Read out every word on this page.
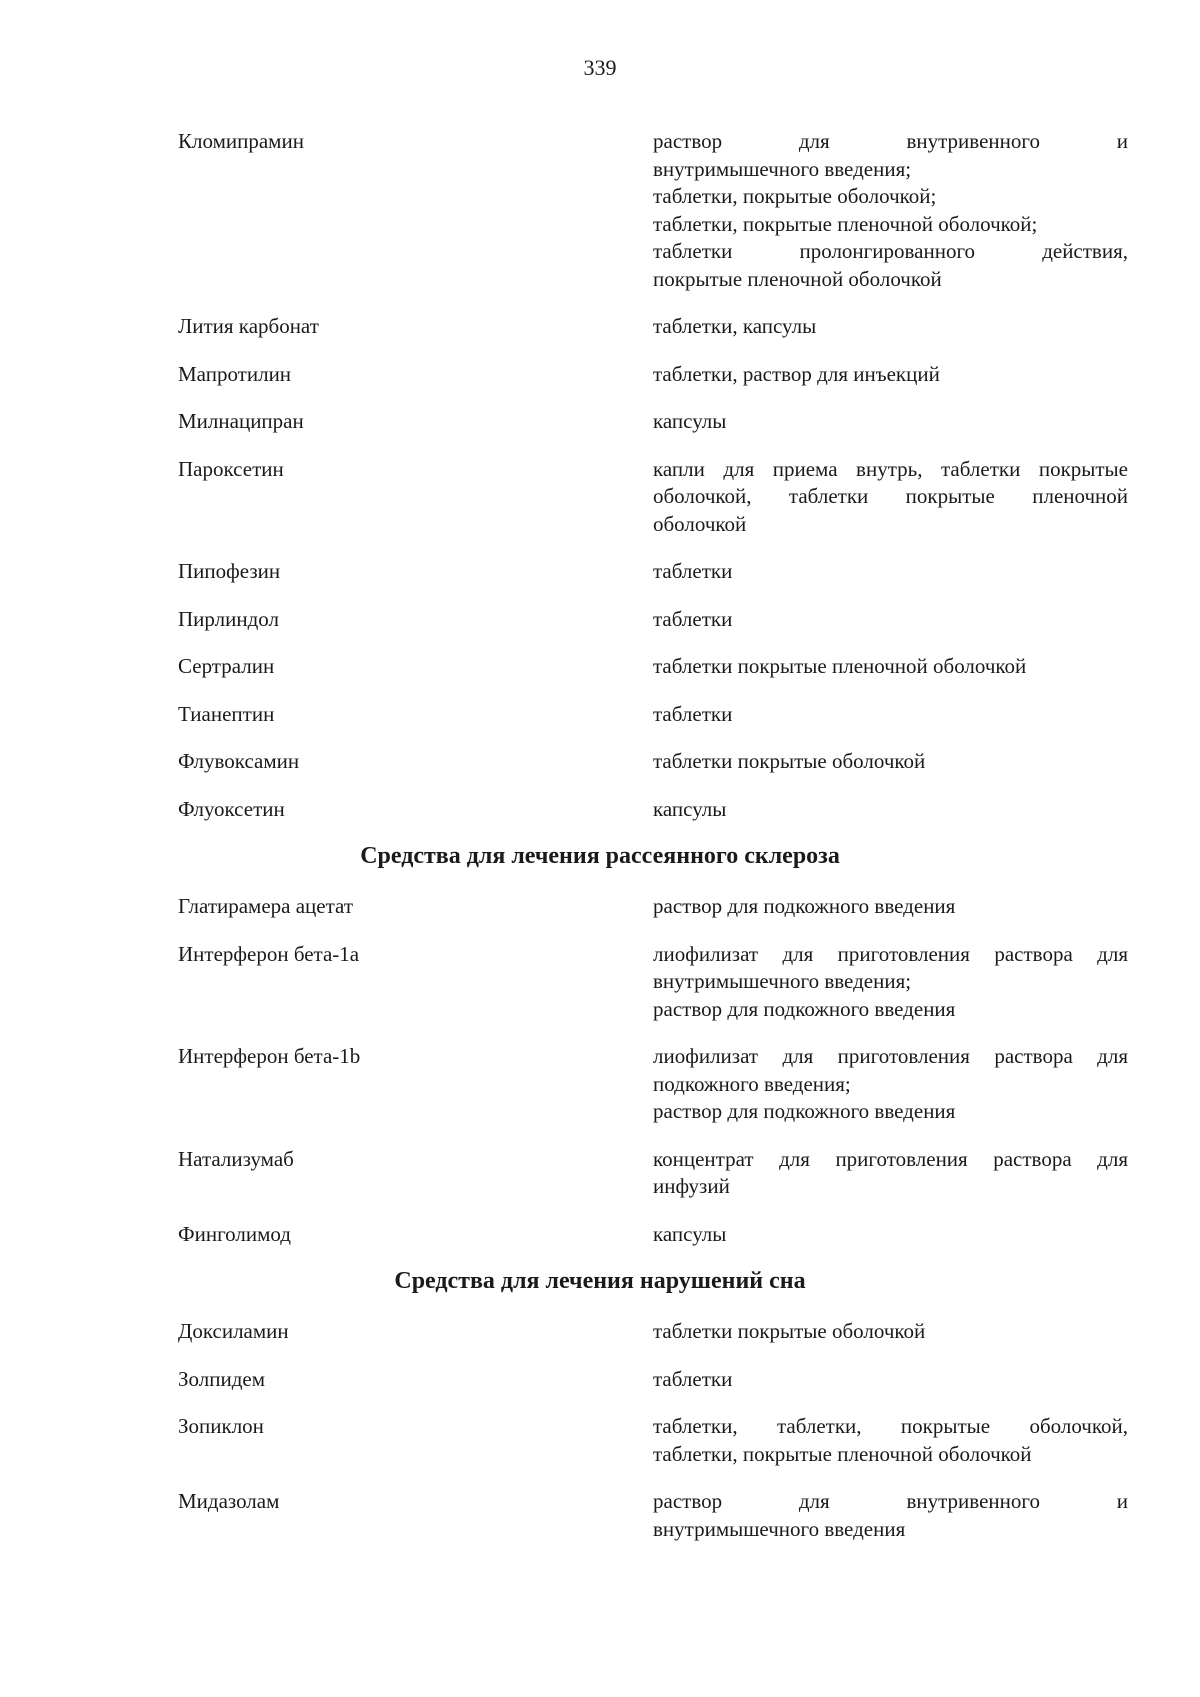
339
Кломипрамин	раствор для внутривенного и
внутримышечного введения;
таблетки, покрытые оболочкой;
таблетки, покрытые пленочной оболочкой;
таблетки пролонгированного действия,
покрытые пленочной оболочкой
Лития карбонат	таблетки, капсулы
Мапротилин	таблетки, раствор для инъекций
Милнаципран	капсулы
Пароксетин	капли для приема внутрь, таблетки покрытые
оболочкой, таблетки покрытые пленочной
оболочкой
Пипофезин	таблетки
Пирлиндол	таблетки
Сертралин	таблетки покрытые пленочной оболочкой
Тианептин	таблетки
Флувоксамин	таблетки покрытые оболочкой
Флуоксетин	капсулы
Средства для лечения рассеянного склероза
Глатирамера ацетат	раствор для подкожного введения
Интерферон бета-1a	лиофилизат для приготовления раствора для
внутримышечного введения;
раствор для подкожного введения
Интерферон бета-1b	лиофилизат для приготовления раствора для
подкожного введения;
раствор для подкожного введения
Натализумаб	концентрат для приготовления раствора для
инфузий
Финголимод	капсулы
Средства для лечения нарушений сна
Доксиламин	таблетки покрытые оболочкой
Золпидем	таблетки
Зопиклон	таблетки, таблетки, покрытые оболочкой,
таблетки, покрытые пленочной оболочкой
Мидазолам	раствор для внутривенного и
внутримышечного введения
